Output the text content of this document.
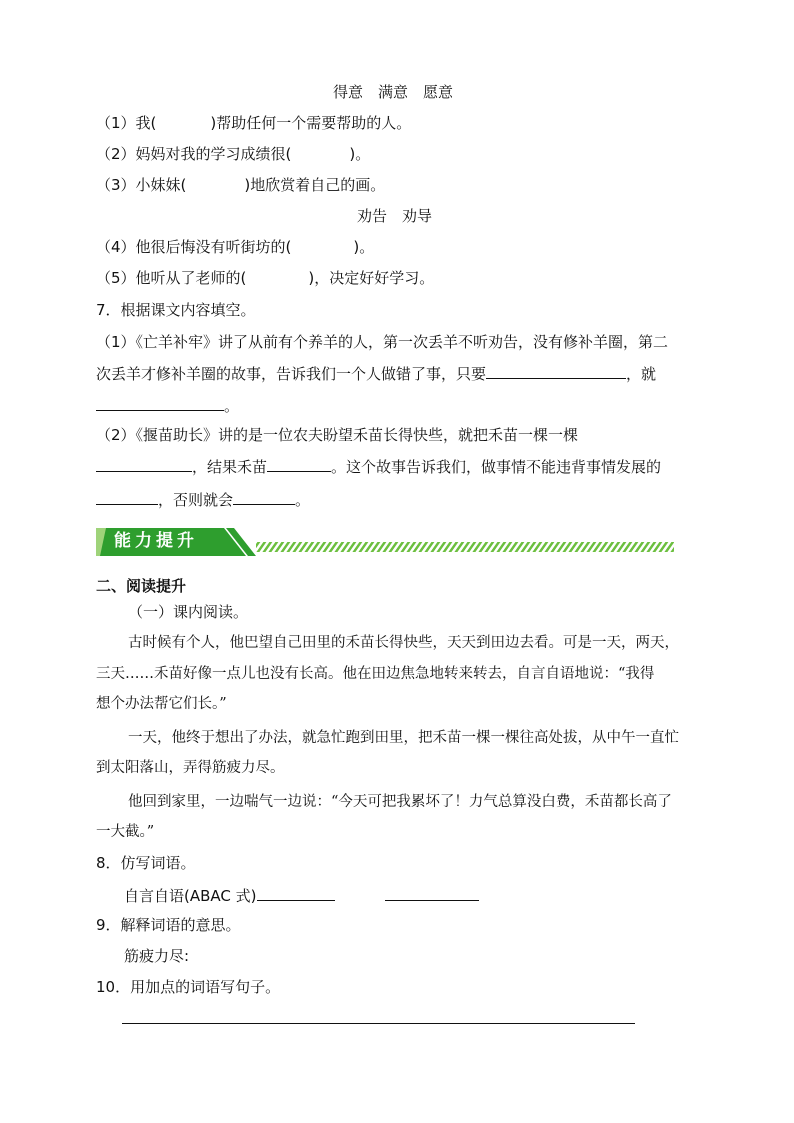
得意　满意　愿意
（1）我(	)帮助任何一个需要帮助的人。
（2）妈妈对我的学习成绩很(	)。
（3）小妹妹(	)地欣赏着自己的画。
劝告　劝导
（4）他很后悔没有听街坊的(	)。
（5）他听从了老师的(	)，决定好好学习。
7．根据课文内容填空。
（1）《亡羊补牢》讲了从前有个养羊的人，第一次丢羊不听劝告，没有修补羊圈，第二
次丢羊才修补羊圈的故事，告诉我们一个人做错了事，只要	，就
。
（2）《揠苗助长》讲的是一位农夫盼望禾苗长得快些，就把禾苗一棵一棵
，结果禾苗	。这个故事告诉我们，做事情不能违背事情发展的
，否则就会	。
能力提升
二、阅读提升
（一）课内阅读。
古时候有个人，他巴望自己田里的禾苗长得快些，天天到田边去看。可是一天，两天，
三天……禾苗好像一点儿也没有长高。他在田边焦急地转来转去，自言自语地说：“我得
想个办法帮它们长。”
一天，他终于想出了办法，就急忙跑到田里，把禾苗一棵一棵往高处拔，从中午一直忙
到太阳落山，弄得筋疲力尽。
他回到家里，一边喘气一边说：“今天可把我累坏了！力气总算没白费，禾苗都长高了
一大截。”
8．仿写词语。
自言自语(ABAC 式)
9．解释词语的意思。
筋疲力尽:
10．用加点的词语写句子。
